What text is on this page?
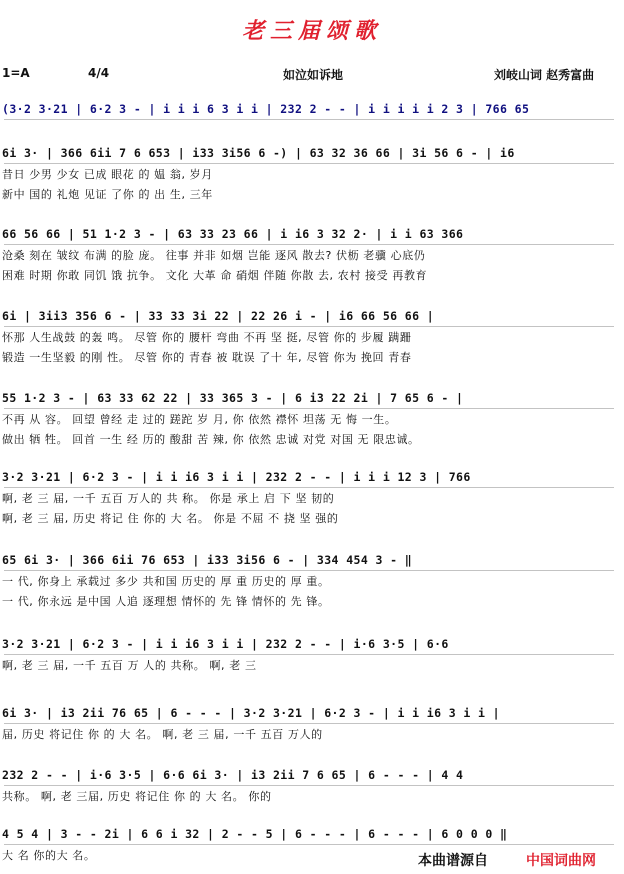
老三届颂歌
1=A	4/4	如泣如诉地	刘岐山词 赵秀富曲
(3·2 3·21 | 6·2 3 - | i i i 6 3 i i | 232 2 - - | i i i i i 2 3 | 766 65
6i 3· | 366 6ii 7 6 653 | i33 3i56 6 -) | 63 32 36 66 | 3i 56 6 - | i6
昔日 少男 少女 已成 眼花 的 媪 翁, 岁月
新中 国的 礼炮 见证 了你 的 出 生, 三年
66 56 66 | 51 1·2 3 - | 63 33 23 66 | i i6 3 32 2· | i i 63 366
沧桑 刻在 皱纹 布满 的脸 庞。 往事 并非 如烟 岂能 逐风 散去? 伏枥 老骥 心底仍
困难 时期 你敢 同饥 饿 抗争。 文化 大革 命 硝烟 伴随 你散 去, 农村 接受 再教育
6i | 3ii3 356 6 - | 33 33 3i 22 | 22 26 i - | i6 66 56 66 |
怀那 人生战鼓 的轰 鸣。 尽管 你的 腰杆 弯曲 不再 坚 挺, 尽管 你的 步履 蹒跚
锻造 一生坚毅 的刚 性。 尽管 你的 青春 被 耽误 了十 年, 尽管 你为 挽回 青春
55 1·2 3 - | 63 33 62 22 | 33 365 3 - | 6 i3 22 2i | 7 65 6 - |
不再 从 容。 回望 曾经 走 过的 蹉跎 岁 月, 你 依然 襟怀 坦荡 无 悔 一生。
做出 牺 牲。 回首 一生 经 历的 酸甜 苦 辣, 你 依然 忠诚 对党 对国 无 限忠诚。
3·2 3·21 | 6·2 3 - | i i i6 3 i i | 232 2 - - | i i i 12 3 | 766
啊, 老 三 届, 一千 五百 万人的 共 称。 你是 承上 启 下 坚 韧的
啊, 老 三 届, 历史 将记 住 你的 大 名。 你是 不屈 不 挠 坚 强的
65 6i 3· | 366 6ii 76 653 | i33 3i56 6 - | 334 454 3 - ‖
一 代, 你身上 承载过 多少 共和国 历史的 厚 重 历史的 厚 重。
一 代, 你永远 是中国 人追 逐理想 情怀的 先 锋 情怀的 先 锋。
3·2 3·21 | 6·2 3 - | i i i6 3 i i | 232 2 - - | i·6 3·5 | 6·6
啊, 老 三 届, 一千 五百 万 人的 共称。 啊, 老 三
6i 3· | i3 2ii 76 65 | 6 - - - | 3·2 3·21 | 6·2 3 - | i i i6 3 i i |
届, 历史 将记住 你 的 大 名。 啊, 老 三 届, 一千 五百 万人的
232 2 - - | i·6 3·5 | 6·6 6i 3· | i3 2ii 7 6 65 | 6 - - - | 4 4
共称。 啊, 老 三届, 历史 将记住 你 的 大 名。 你的
4 5 4 | 3 - - 2i | 6 6 i 32 | 2 - - 5 | 6 - - - | 6 - - - | 6 0 0 0 ‖
大 名 你的大 名。	本曲谱源自	中国词曲网
